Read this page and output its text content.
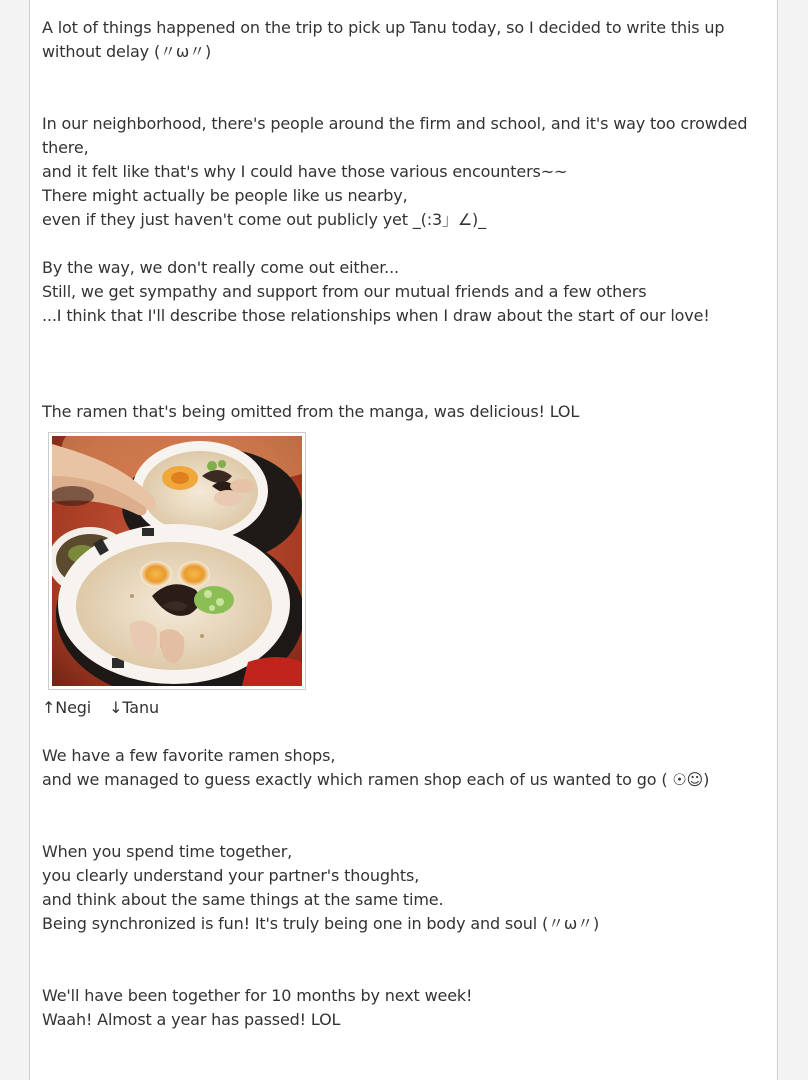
A lot of things happened on the trip to pick up Tanu today, so I decided to write this up
without delay (〃ω〃)
In our neighborhood, there's people around the firm and school, and it's way too crowded
there,
and it felt like that's why I could have those various encounters~~
There might actually be people like us nearby,
even if they just haven't come out publicly yet _(:3」∠)_
By the way, we don't really come out either...
Still, we get sympathy and support from our mutual friends and a few others
...I think that I'll describe those relationships when I draw about the start of our love!
The ramen that's being omitted from the manga, was delicious! LOL
↑Negi ↓Tanu
We have a few favorite ramen shops,
and we managed to guess exactly which ramen shop each of us wanted to go ( ☉☺)
When you spend time together,
you clearly understand your partner's thoughts,
and think about the same things at the same time.
Being synchronized is fun! It's truly being one in body and soul (〃ω〃)
We'll have been together for 10 months by next week!
Waah! Almost a year has passed! LOL
